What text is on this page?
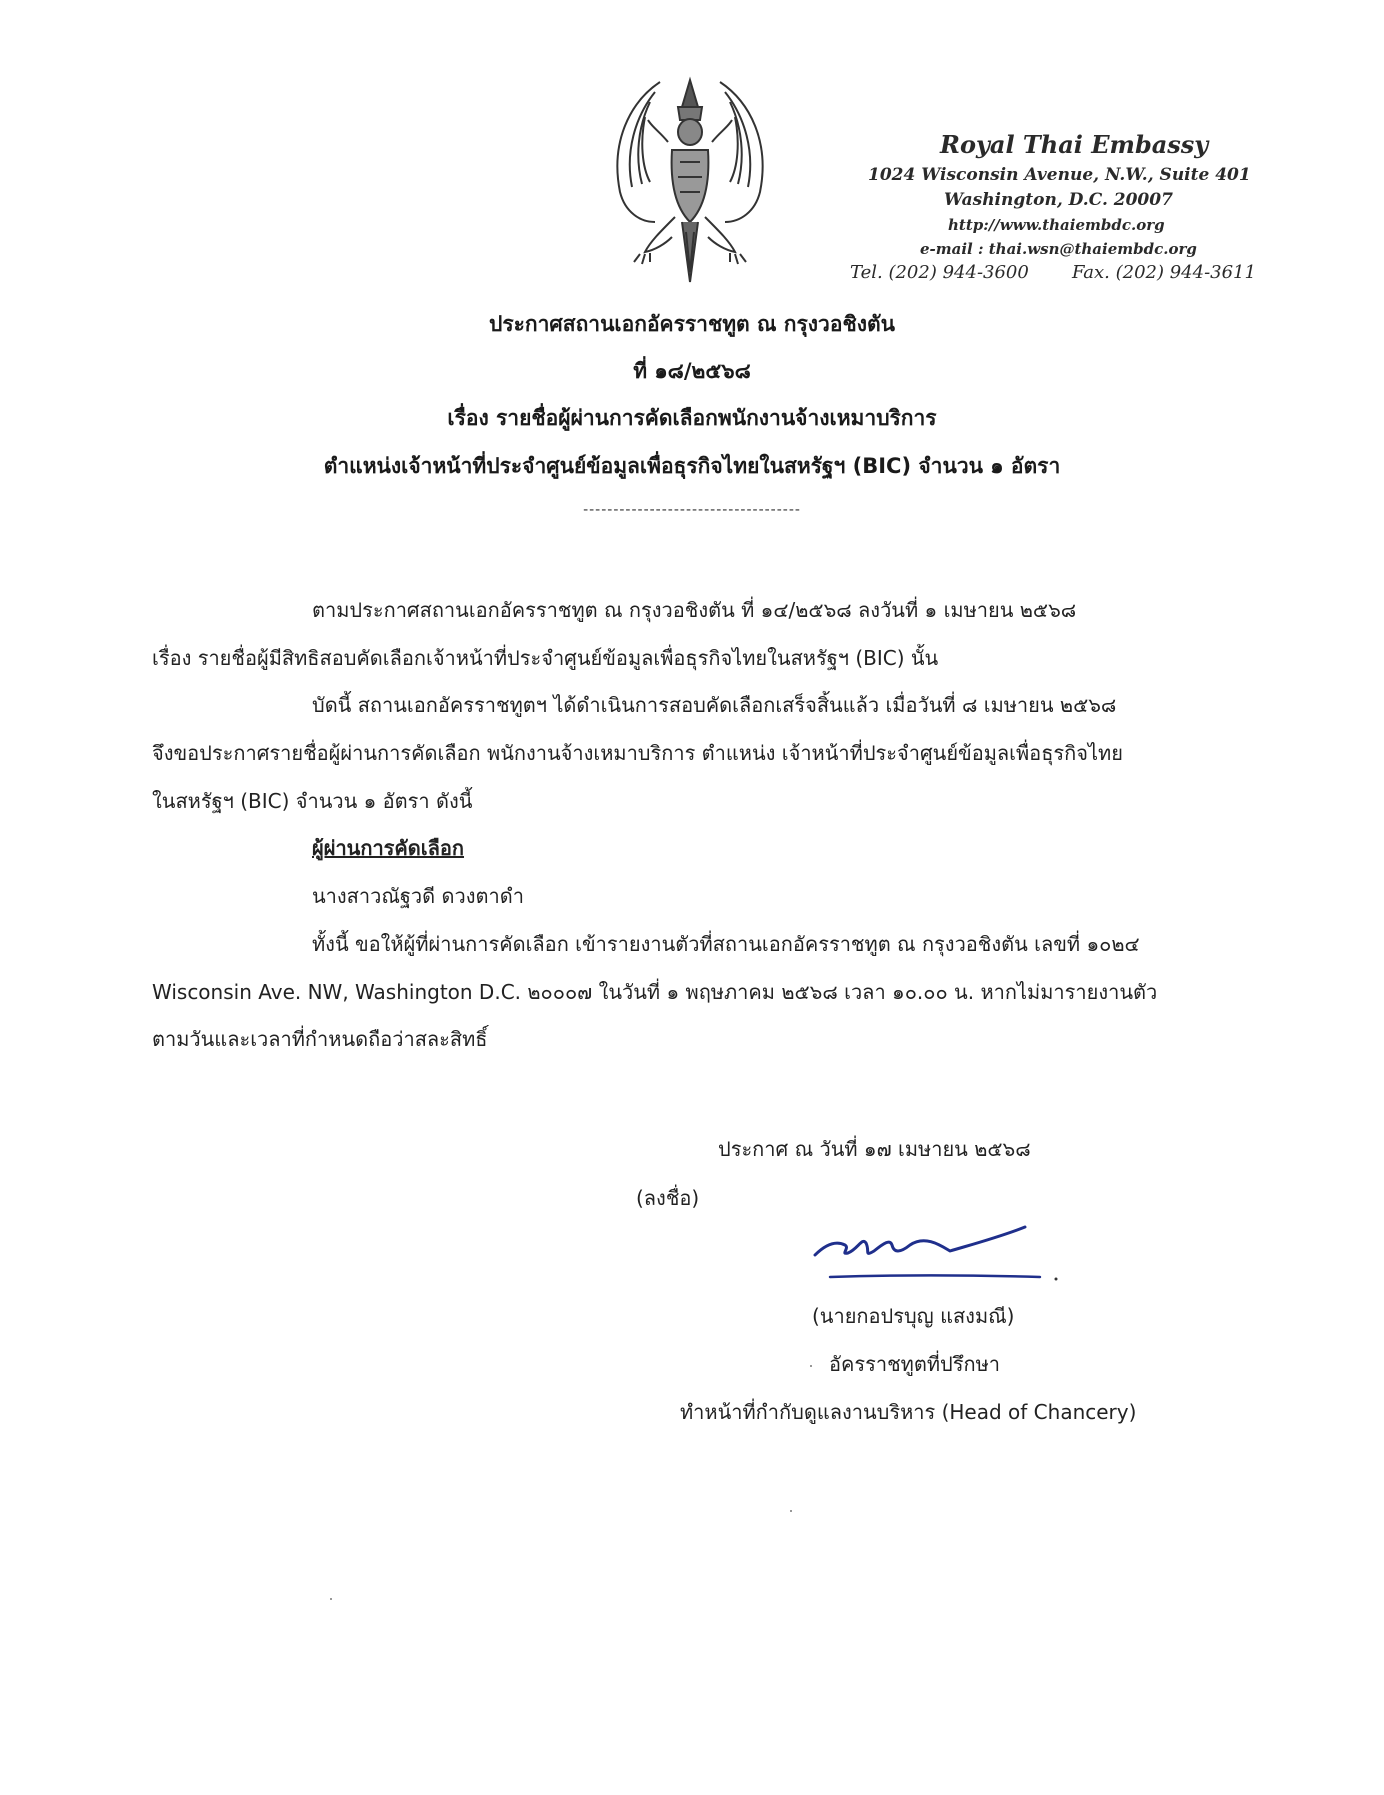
Royal Thai Embassy
1024 Wisconsin Avenue, N.W., Suite 401
Washington, D.C. 20007
http://www.thaiembdc.org
e-mail : thai.wsn@thaiembdc.org
Tel. (202) 944-3600 Fax. (202) 944-3611
ประกาศสถานเอกอัครราชทูต ณ กรุงวอชิงตัน
ที่ ๑๘/๒๕๖๘
เรื่อง รายชื่อผู้ผ่านการคัดเลือกพนักงานจ้างเหมาบริการ
ตำแหน่งเจ้าหน้าที่ประจำศูนย์ข้อมูลเพื่อธุรกิจไทยในสหรัฐฯ (BIC) จำนวน ๑ อัตรา
------------------------------------
ตามประกาศสถานเอกอัครราชทูต ณ กรุงวอชิงตัน ที่ ๑๔/๒๕๖๘ ลงวันที่ ๑ เมษายน ๒๕๖๘
เรื่อง รายชื่อผู้มีสิทธิสอบคัดเลือกเจ้าหน้าที่ประจำศูนย์ข้อมูลเพื่อธุรกิจไทยในสหรัฐฯ (BIC) นั้น
บัดนี้ สถานเอกอัครราชทูตฯ ได้ดำเนินการสอบคัดเลือกเสร็จสิ้นแล้ว เมื่อวันที่ ๘ เมษายน ๒๕๖๘
จึงขอประกาศรายชื่อผู้ผ่านการคัดเลือก พนักงานจ้างเหมาบริการ ตำแหน่ง เจ้าหน้าที่ประจำศูนย์ข้อมูลเพื่อธุรกิจไทย
ในสหรัฐฯ (BIC) จำนวน ๑ อัตรา ดังนี้
ผู้ผ่านการคัดเลือก
นางสาวณัฐวดี ดวงตาดำ
ทั้งนี้ ขอให้ผู้ที่ผ่านการคัดเลือก เข้ารายงานตัวที่สถานเอกอัครราชทูต ณ กรุงวอชิงตัน เลขที่ ๑๐๒๔
Wisconsin Ave. NW, Washington D.C. ๒๐๐๐๗ ในวันที่ ๑ พฤษภาคม ๒๕๖๘ เวลา ๑๐.๐๐ น. หากไม่มารายงานตัว
ตามวันและเวลาที่กำหนดถือว่าสละสิทธิ์
ประกาศ ณ วันที่ ๑๗ เมษายน ๒๕๖๘
(ลงชื่อ)
(นายกอปรบุญ แสงมณี)
อัครราชทูตที่ปรึกษา
ทำหน้าที่กำกับดูแลงานบริหาร (Head of Chancery)
